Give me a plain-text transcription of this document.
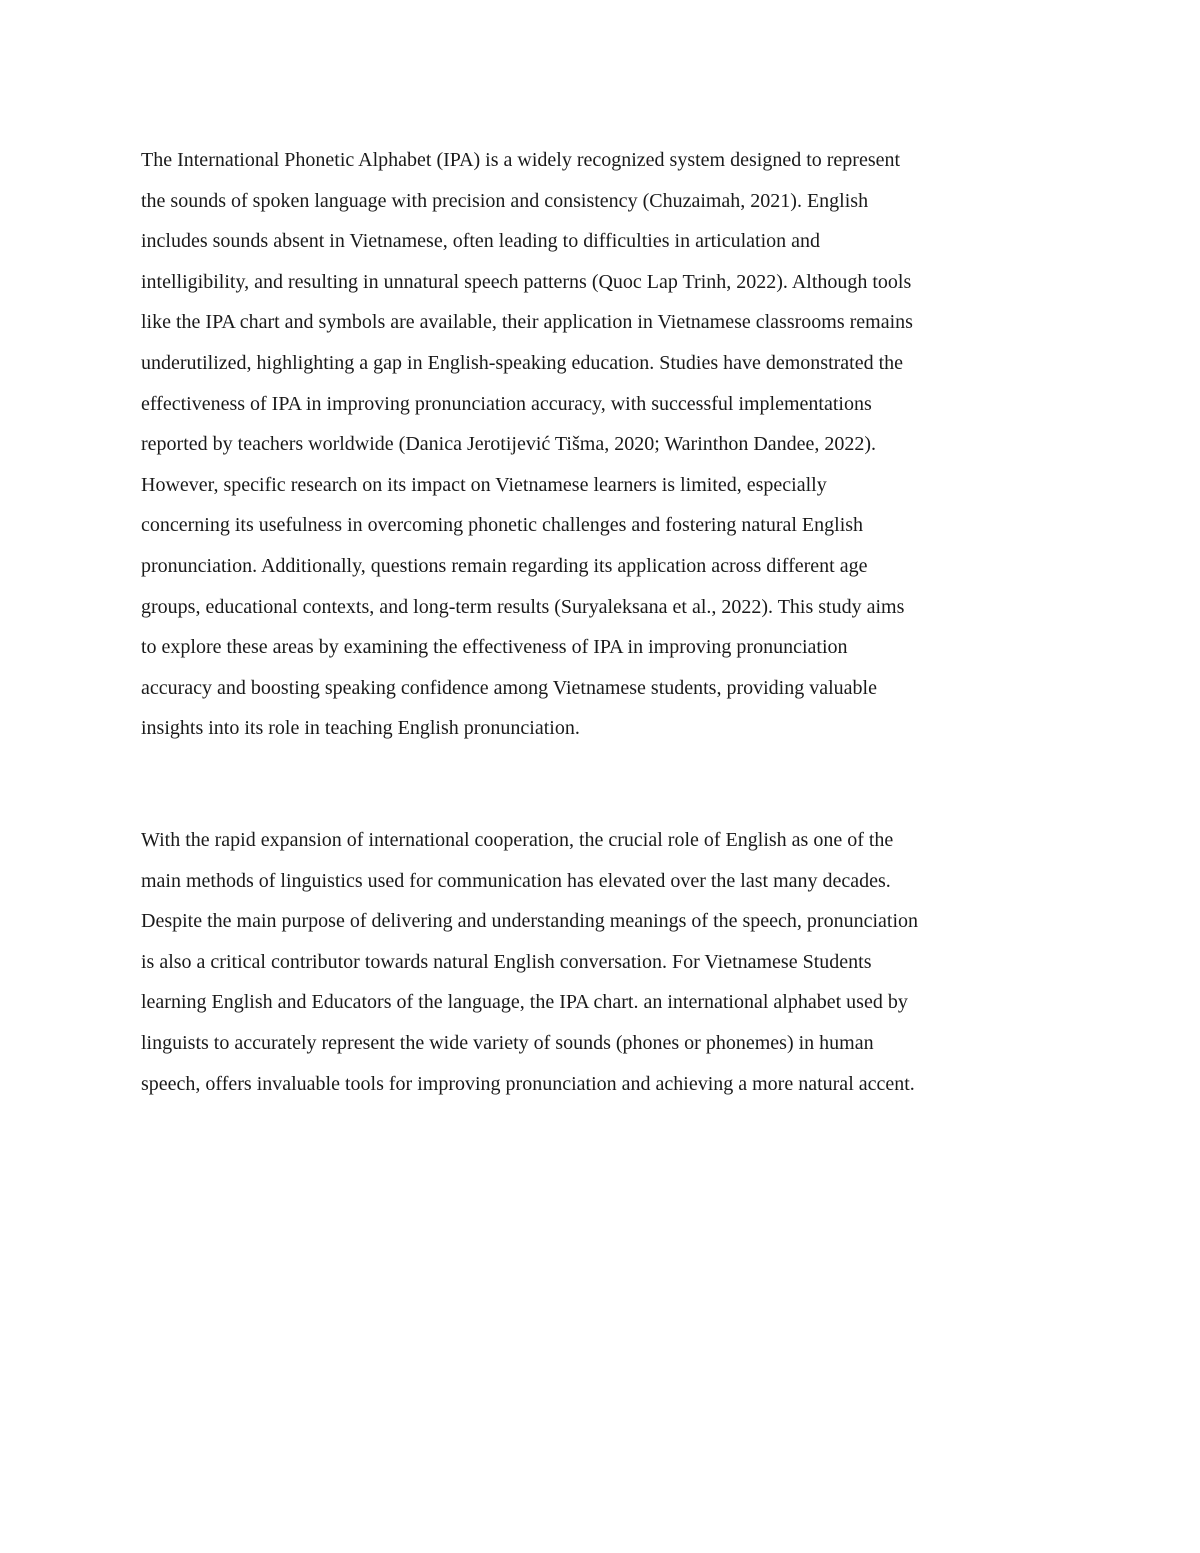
The International Phonetic Alphabet (IPA) is a widely recognized system designed to represent
the sounds of spoken language with precision and consistency (Chuzaimah, 2021). English
includes sounds absent in Vietnamese, often leading to difficulties in articulation and
intelligibility, and resulting in unnatural speech patterns (Quoc Lap Trinh, 2022). Although tools
like the IPA chart and symbols are available, their application in Vietnamese classrooms remains
underutilized, highlighting a gap in English-speaking education. Studies have demonstrated the
effectiveness of IPA in improving pronunciation accuracy, with successful implementations
reported by teachers worldwide (Danica Jerotijević Tišma, 2020; Warinthon Dandee, 2022).
However, specific research on its impact on Vietnamese learners is limited, especially
concerning its usefulness in overcoming phonetic challenges and fostering natural English
pronunciation. Additionally, questions remain regarding its application across different age
groups, educational contexts, and long-term results (Suryaleksana et al., 2022). This study aims
to explore these areas by examining the effectiveness of IPA in improving pronunciation
accuracy and boosting speaking confidence among Vietnamese students, providing valuable
insights into its role in teaching English pronunciation.
With the rapid expansion of international cooperation, the crucial role of English as one of the
main methods of linguistics used for communication has elevated over the last many decades.
Despite the main purpose of delivering and understanding meanings of the speech, pronunciation
is also a critical contributor towards natural English conversation. For Vietnamese Students
learning English and Educators of the language, the IPA chart. an international alphabet used by
linguists to accurately represent the wide variety of sounds (phones or phonemes) in human
speech, offers invaluable tools for improving pronunciation and achieving a more natural accent.
